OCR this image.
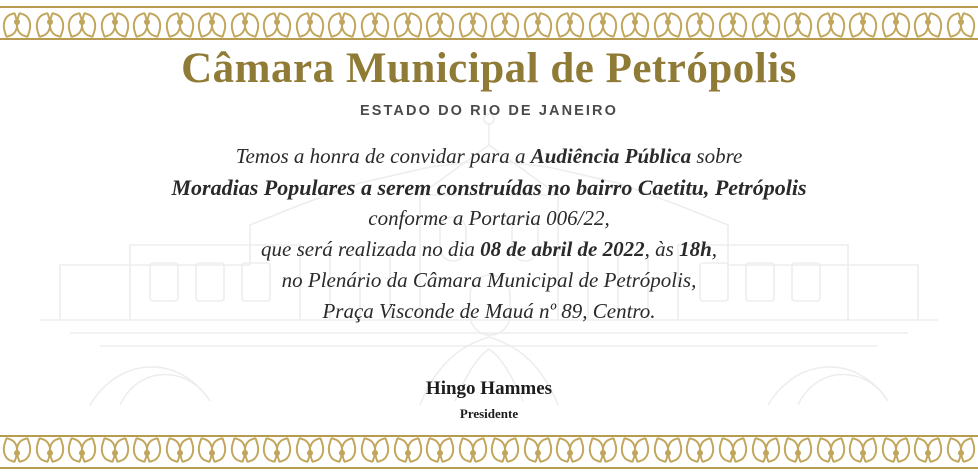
Câmara Municipal de Petrópolis
ESTADO DO RIO DE JANEIRO
Temos a honra de convidar para a Audiência Pública sobre
Moradias Populares a serem construídas no bairro Caetitu, Petrópolis
conforme a Portaria 006/22,
que será realizada no dia 08 de abril de 2022, às 18h,
no Plenário da Câmara Municipal de Petrópolis,
Praça Visconde de Mauá nº 89, Centro.
Hingo Hammes
Presidente
